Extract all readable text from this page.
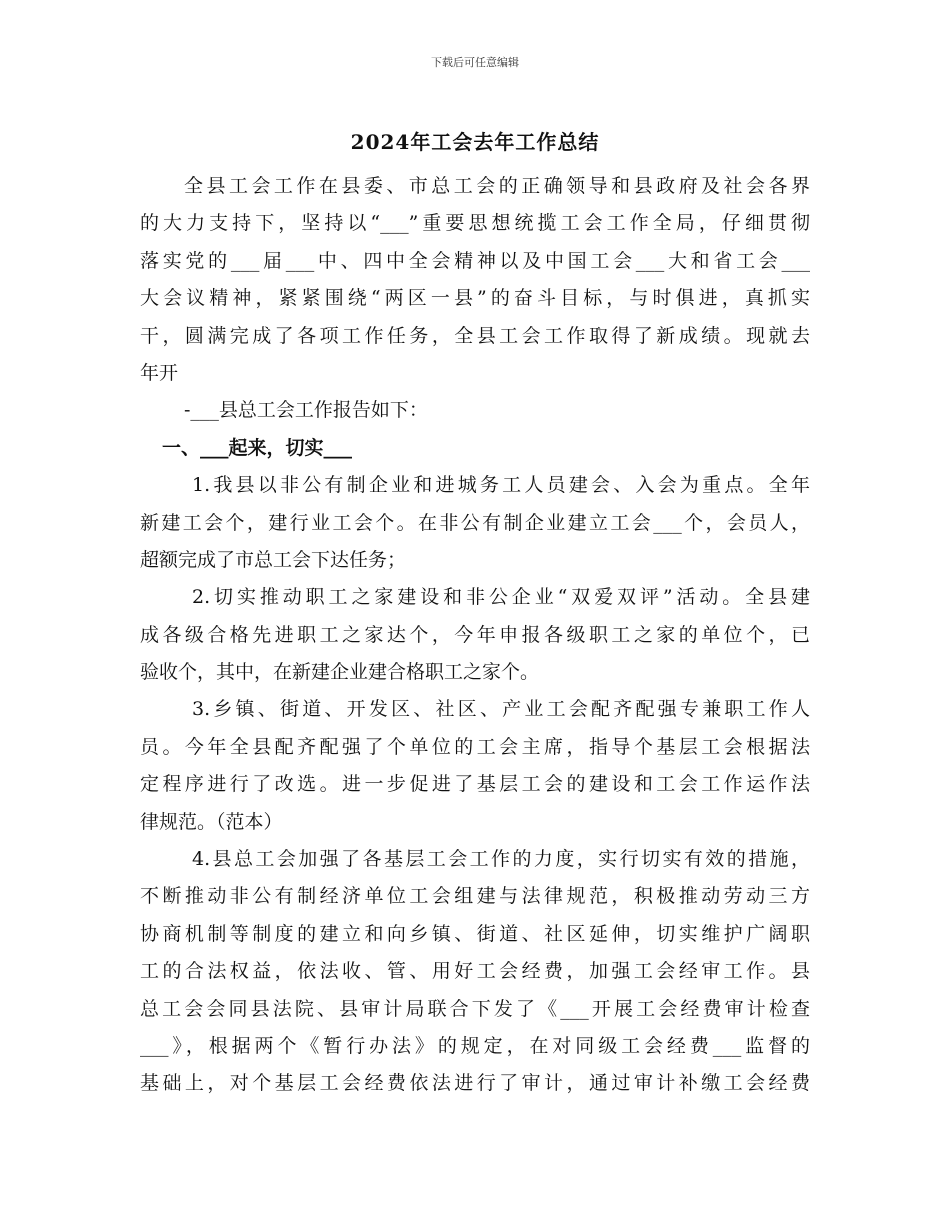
下载后可任意编辑
2024年工会去年工作总结
全县工会工作在县委、市总工会的正确领导和县政府及社会各界
的大力支持下，坚持以“___”重要思想统揽工会工作全局，仔细贯彻
落实党的___届___中、四中全会精神以及中国工会___大和省工会___
大会议精神，紧紧围绕“两区一县”的奋斗目标，与时俱进，真抓实
干，圆满完成了各项工作任务，全县工会工作取得了新成绩。现就去
年开
-___县总工会工作报告如下：
一、___起来，切实___
1.我县以非公有制企业和进城务工人员建会、入会为重点。全年
新建工会个，建行业工会个。在非公有制企业建立工会___个，会员人，
超额完成了市总工会下达任务；
2.切实推动职工之家建设和非公企业“双爱双评”活动。全县建
成各级合格先进职工之家达个，今年申报各级职工之家的单位个，已
验收个，其中，在新建企业建合格职工之家个。
3.乡镇、街道、开发区、社区、产业工会配齐配强专兼职工作人
员。今年全县配齐配强了个单位的工会主席，指导个基层工会根据法
定程序进行了改选。进一步促进了基层工会的建设和工会工作运作法
律规范。（范本）
4.县总工会加强了各基层工会工作的力度，实行切实有效的措施，
不断推动非公有制经济单位工会组建与法律规范，积极推动劳动三方
协商机制等制度的建立和向乡镇、街道、社区延伸，切实维护广阔职
工的合法权益，依法收、管、用好工会经费，加强工会经审工作。县
总工会会同县法院、县审计局联合下发了《___开展工会经费审计检查
___》，根据两个《暂行办法》的规定，在对同级工会经费___监督的
基础上，对个基层工会经费依法进行了审计，通过审计补缴工会经费
